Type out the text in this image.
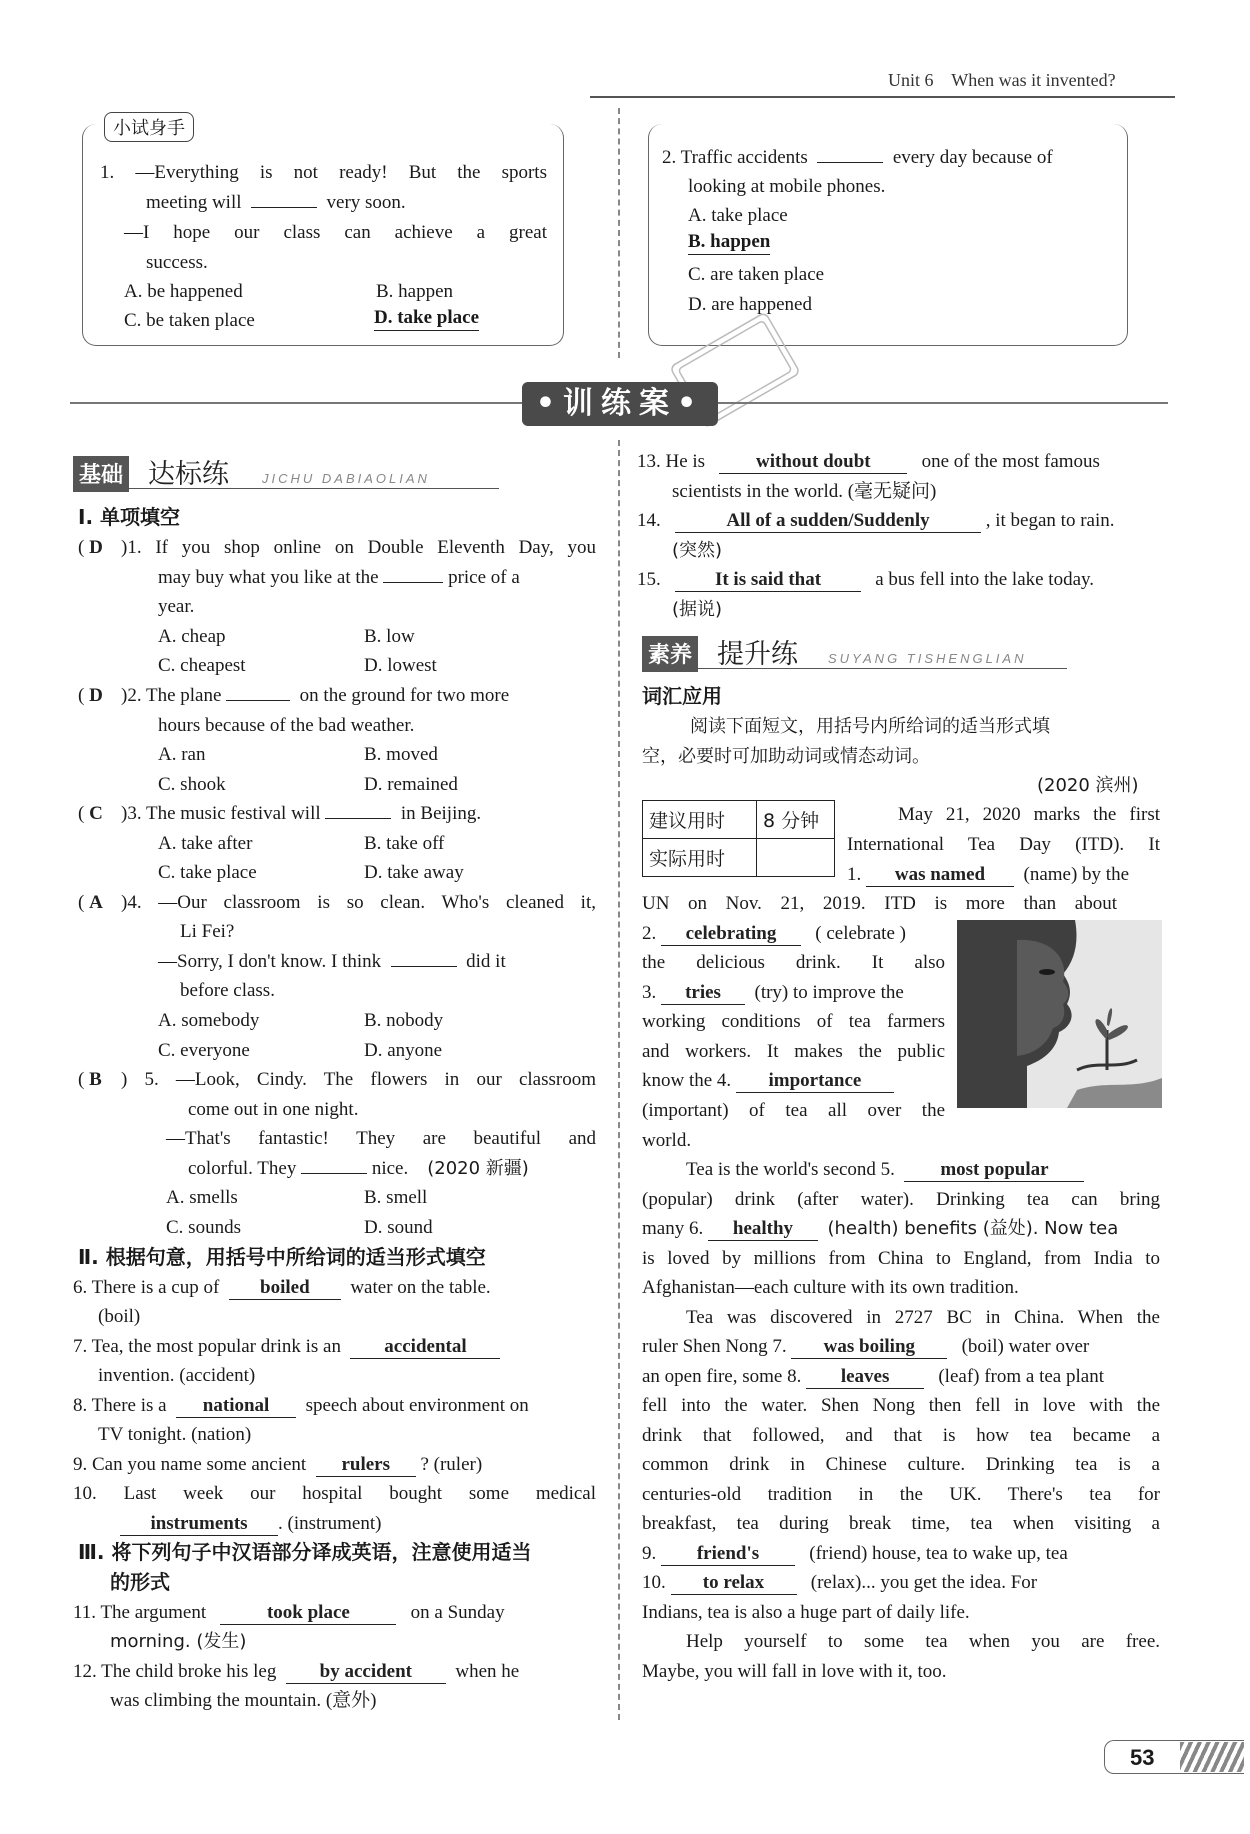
Unit 6 When was it invented?
小试身手
1. —Everything is not ready! But the sports
meeting will	very soon.
—I hope our class can achieve a great
success.
A. be happened	B. happen
C. be taken place	D. take place
2. Traffic accidents	every day because of
looking at mobile phones.
A. take place
B. happen
C. are taken place
D. are happened
•训练案•
基础 达标练	JICHU DABIAOLIAN
Ⅰ. 单项填空
( D )1. If you shop online on Double Eleventh Day, you
may buy what you like at the	price of a
year.
A. cheap	B. low
C. cheapest	D. lowest
( D )2. The plane	on the ground for two more
hours because of the bad weather.
A. ran	B. moved
C. shook	D. remained
( C )3. The music festival will	in Beijing.
A. take after	B. take off
C. take place	D. take away
( A )4. —Our classroom is so clean. Who's cleaned it,
Li Fei?
—Sorry, I don't know. I think	did it
before class.
A. somebody	B. nobody
C. everyone	D. anyone
( B ) 5. —Look, Cindy. The flowers in our classroom
come out in one night.
—That's fantastic! They are beautiful and
colorful. They	nice. (2020 新疆)
A. smells	B. smell
C. sounds	D. sound
Ⅱ. 根据句意，用括号中所给词的适当形式填空
6. There is a cup of boiled water on the table.
(boil)
7. Tea, the most popular drink is an accidental
invention. (accident)
8. There is a national speech about environment on
TV tonight. (nation)
9. Can you name some ancient rulers ? (ruler)
10. Last week our hospital bought some medical
instruments . (instrument)
Ⅲ. 将下列句子中汉语部分译成英语，注意使用适当
的形式
11. The argument	took place	on a Sunday
morning. (发生)
12. The child broke his leg by accident when he
was climbing the mountain. (意外)
13. He is	without doubt	one of the most famous
scientists in the world. (毫无疑问)
14.	All of a sudden/Suddenly	, it began to rain.
(突然)
15.	It is said that	a bus fell into the lake today.
(据说)
素养 提升练 SUYANG TISHENGLIAN
词汇应用
阅读下面短文，用括号内所给词的适当形式填
空，必要时可加助动词或情态动词。
(2020 滨州)
建议用时	8 分钟
实际用时	
May 21, 2020 marks the first
International Tea Day (ITD). It
1. was named (name) by the
UN on Nov. 21, 2019. ITD is more than about
2. celebrating ( celebrate )
the delicious drink. It also
3. tries (try) to improve the
working conditions of tea farmers
and workers. It makes the public
know the 4. importance
(important) of tea all over the
world.
Tea is the world's second 5. most popular
(popular) drink (after water). Drinking tea can bring
many 6. healthy (health) benefits (益处). Now tea
is loved by millions from China to England, from India to
Afghanistan—each culture with its own tradition.
Tea was discovered in 2727 BC in China. When the
ruler Shen Nong 7. was boiling (boil) water over
an open fire, some 8. leaves	(leaf) from a tea plant
fell into the water. Shen Nong then fell in love with the
drink that followed, and that is how tea became a
common drink in Chinese culture. Drinking tea is a
centuries-old tradition in the UK. There's tea for
breakfast, tea during break time, tea when visiting a
9. friend's	(friend) house, tea to wake up, tea
10. to relax (relax)... you get the idea. For
Indians, tea is also a huge part of daily life.
Help yourself to some tea when you are free.
Maybe, you will fall in love with it, too.
53
